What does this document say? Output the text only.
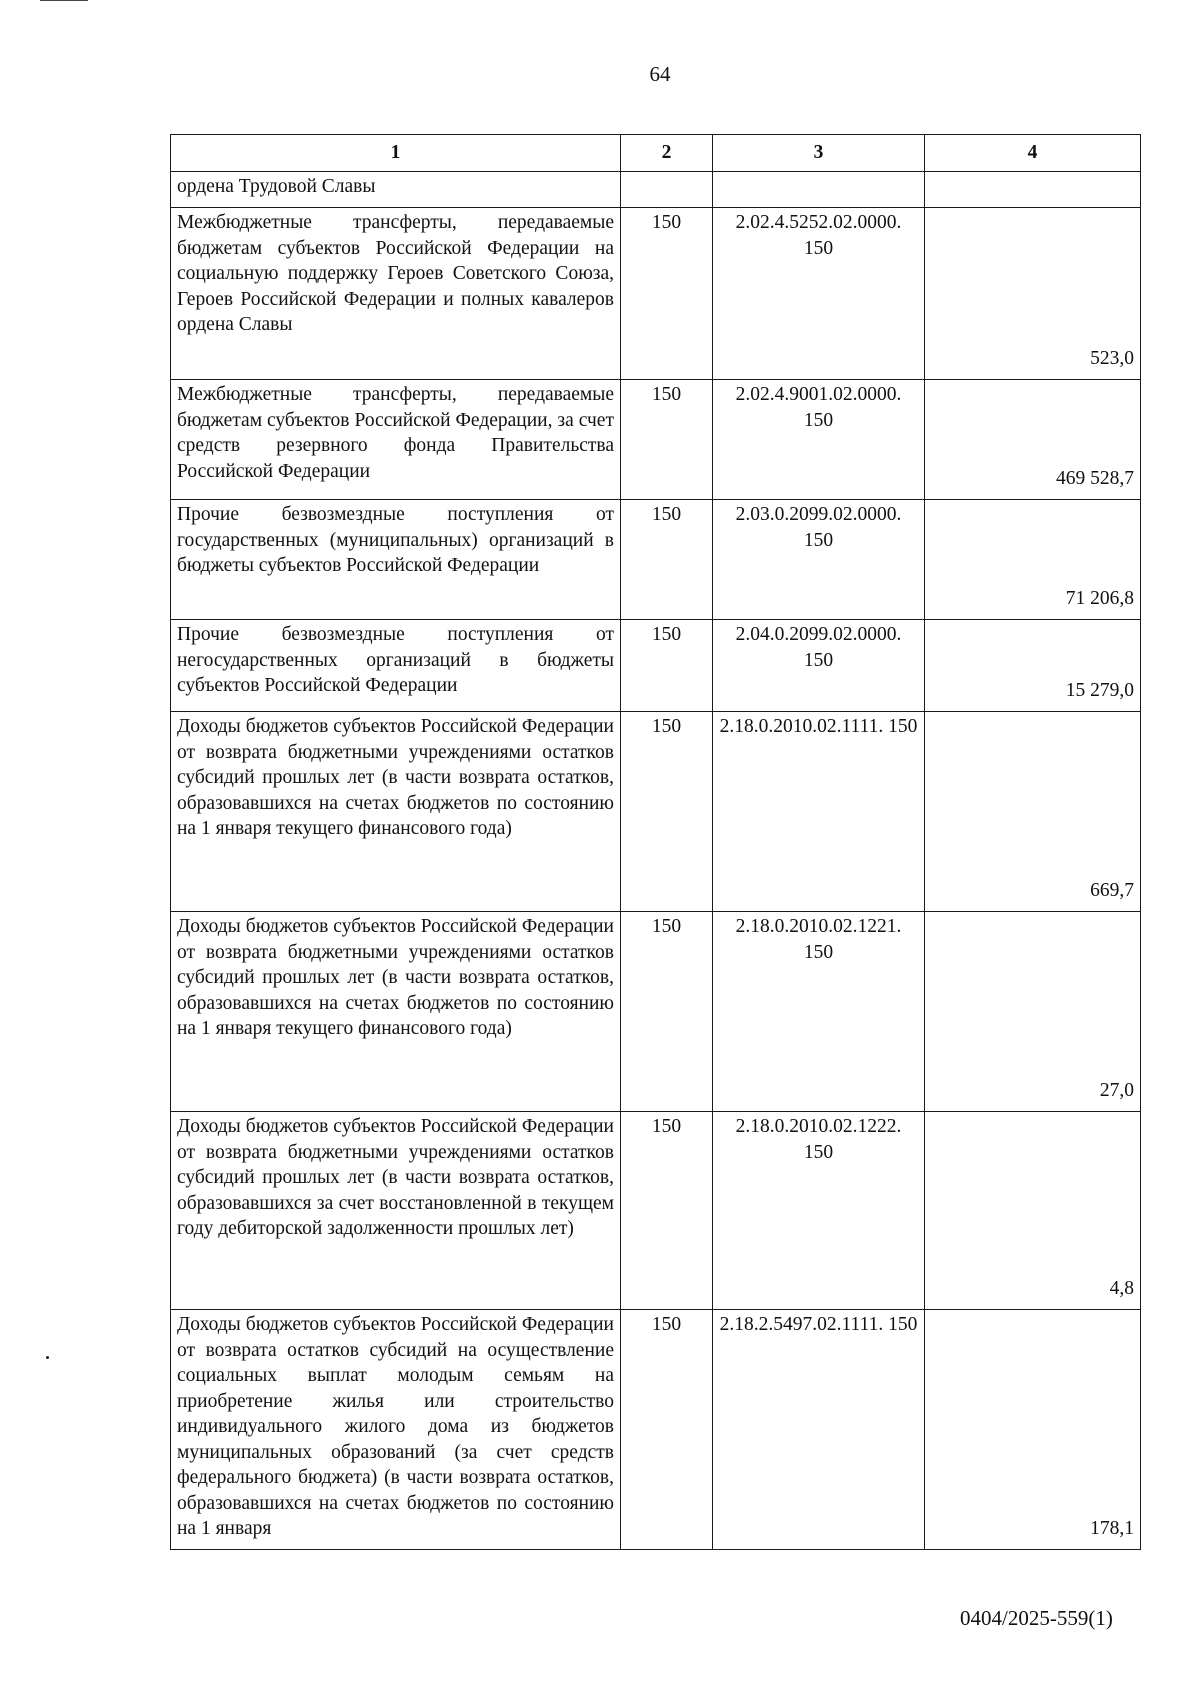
64
1	2	3	4
ордена Трудовой Славы			
Межбюджетные трансферты, передаваемые бюджетам субъектов Российской Федерации на социальную поддержку Героев Советского Союза, Героев Российской Федерации и полных кавалеров ордена Славы	150	2.02.4.5252.02.0000. 150	523,0
Межбюджетные трансферты, передаваемые бюджетам субъектов Российской Федерации, за счет средств резервного фонда Правительства Российской Федерации	150	2.02.4.9001.02.0000. 150	469 528,7
Прочие безвозмездные поступления от государственных (муниципальных) организаций в бюджеты субъектов Российской Федерации	150	2.03.0.2099.02.0000. 150	71 206,8
Прочие безвозмездные поступления от негосударственных организаций в бюджеты субъектов Российской Федерации	150	2.04.0.2099.02.0000. 150	15 279,0
Доходы бюджетов субъектов Российской Федерации от возврата бюджетными учреждениями остатков субсидий прошлых лет (в части возврата остатков, образовавшихся на счетах бюджетов по состоянию на 1 января текущего финансового года)	150	2.18.0.2010.02.1111. 150	669,7
Доходы бюджетов субъектов Российской Федерации от возврата бюджетными учреждениями остатков субсидий прошлых лет (в части возврата остатков, образовавшихся на счетах бюджетов по состоянию на 1 января текущего финансового года)	150	2.18.0.2010.02.1221. 150	27,0
Доходы бюджетов субъектов Российской Федерации от возврата бюджетными учреждениями остатков субсидий прошлых лет (в части возврата остатков, образовавшихся за счет восстановленной в текущем году дебиторской задолженности прошлых лет)	150	2.18.0.2010.02.1222. 150	4,8
Доходы бюджетов субъектов Российской Федерации от возврата остатков субсидий на осуществление социальных выплат молодым семьям на приобретение жилья или строительство индивидуального жилого дома из бюджетов муниципальных образований (за счет средств федерального бюджета) (в части возврата остатков, образовавшихся на счетах бюджетов по состоянию на 1 января	150	2.18.2.5497.02.1111. 150	178,1
0404/2025-559(1)
